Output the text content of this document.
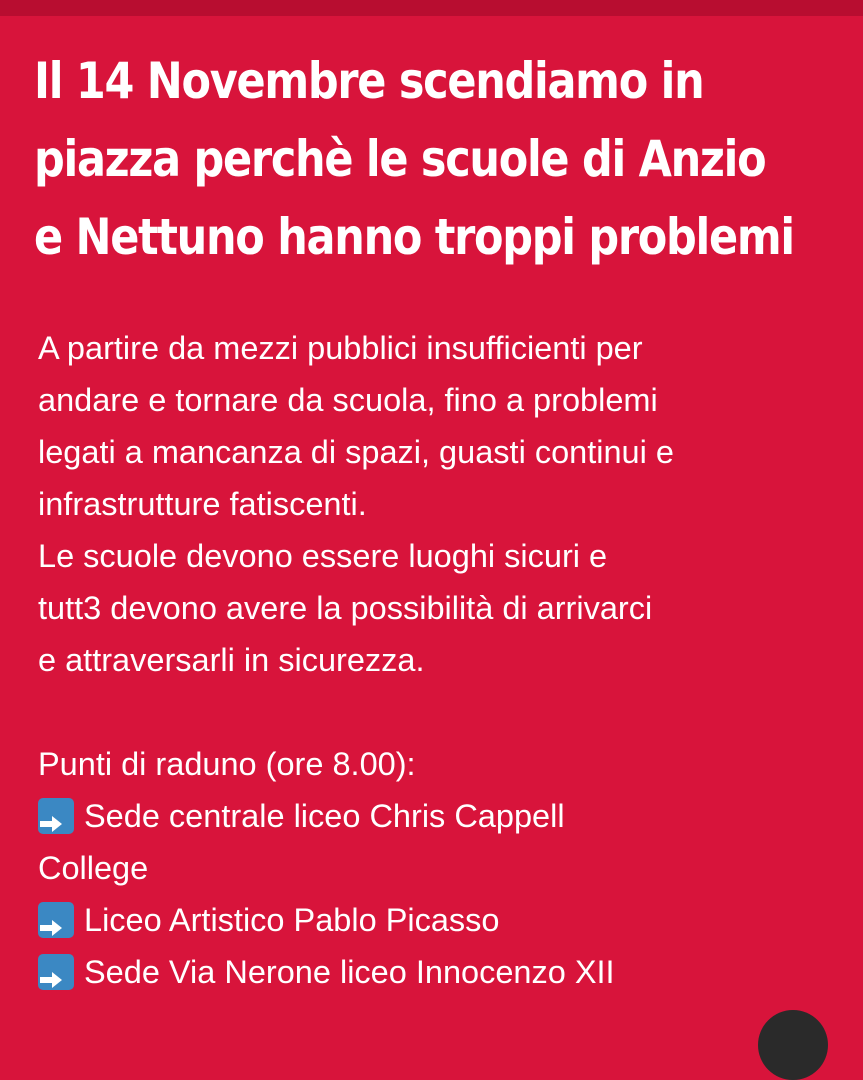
Il 14 Novembre scendiamo in
piazza perchè le scuole di Anzio
e Nettuno hanno troppi problemi
A partire da mezzi pubblici insufficienti per
andare e tornare da scuola, fino a problemi
legati a mancanza di spazi, guasti continui e
infrastrutture fatiscenti.
Le scuole devono essere luoghi sicuri e
tutt3 devono avere la possibilità di arrivarci
e attraversarli in sicurezza.
Punti di raduno (ore 8.00):
Sede centrale liceo Chris Cappell
College
Liceo Artistico Pablo Picasso
Sede Via Nerone liceo Innocenzo XII
